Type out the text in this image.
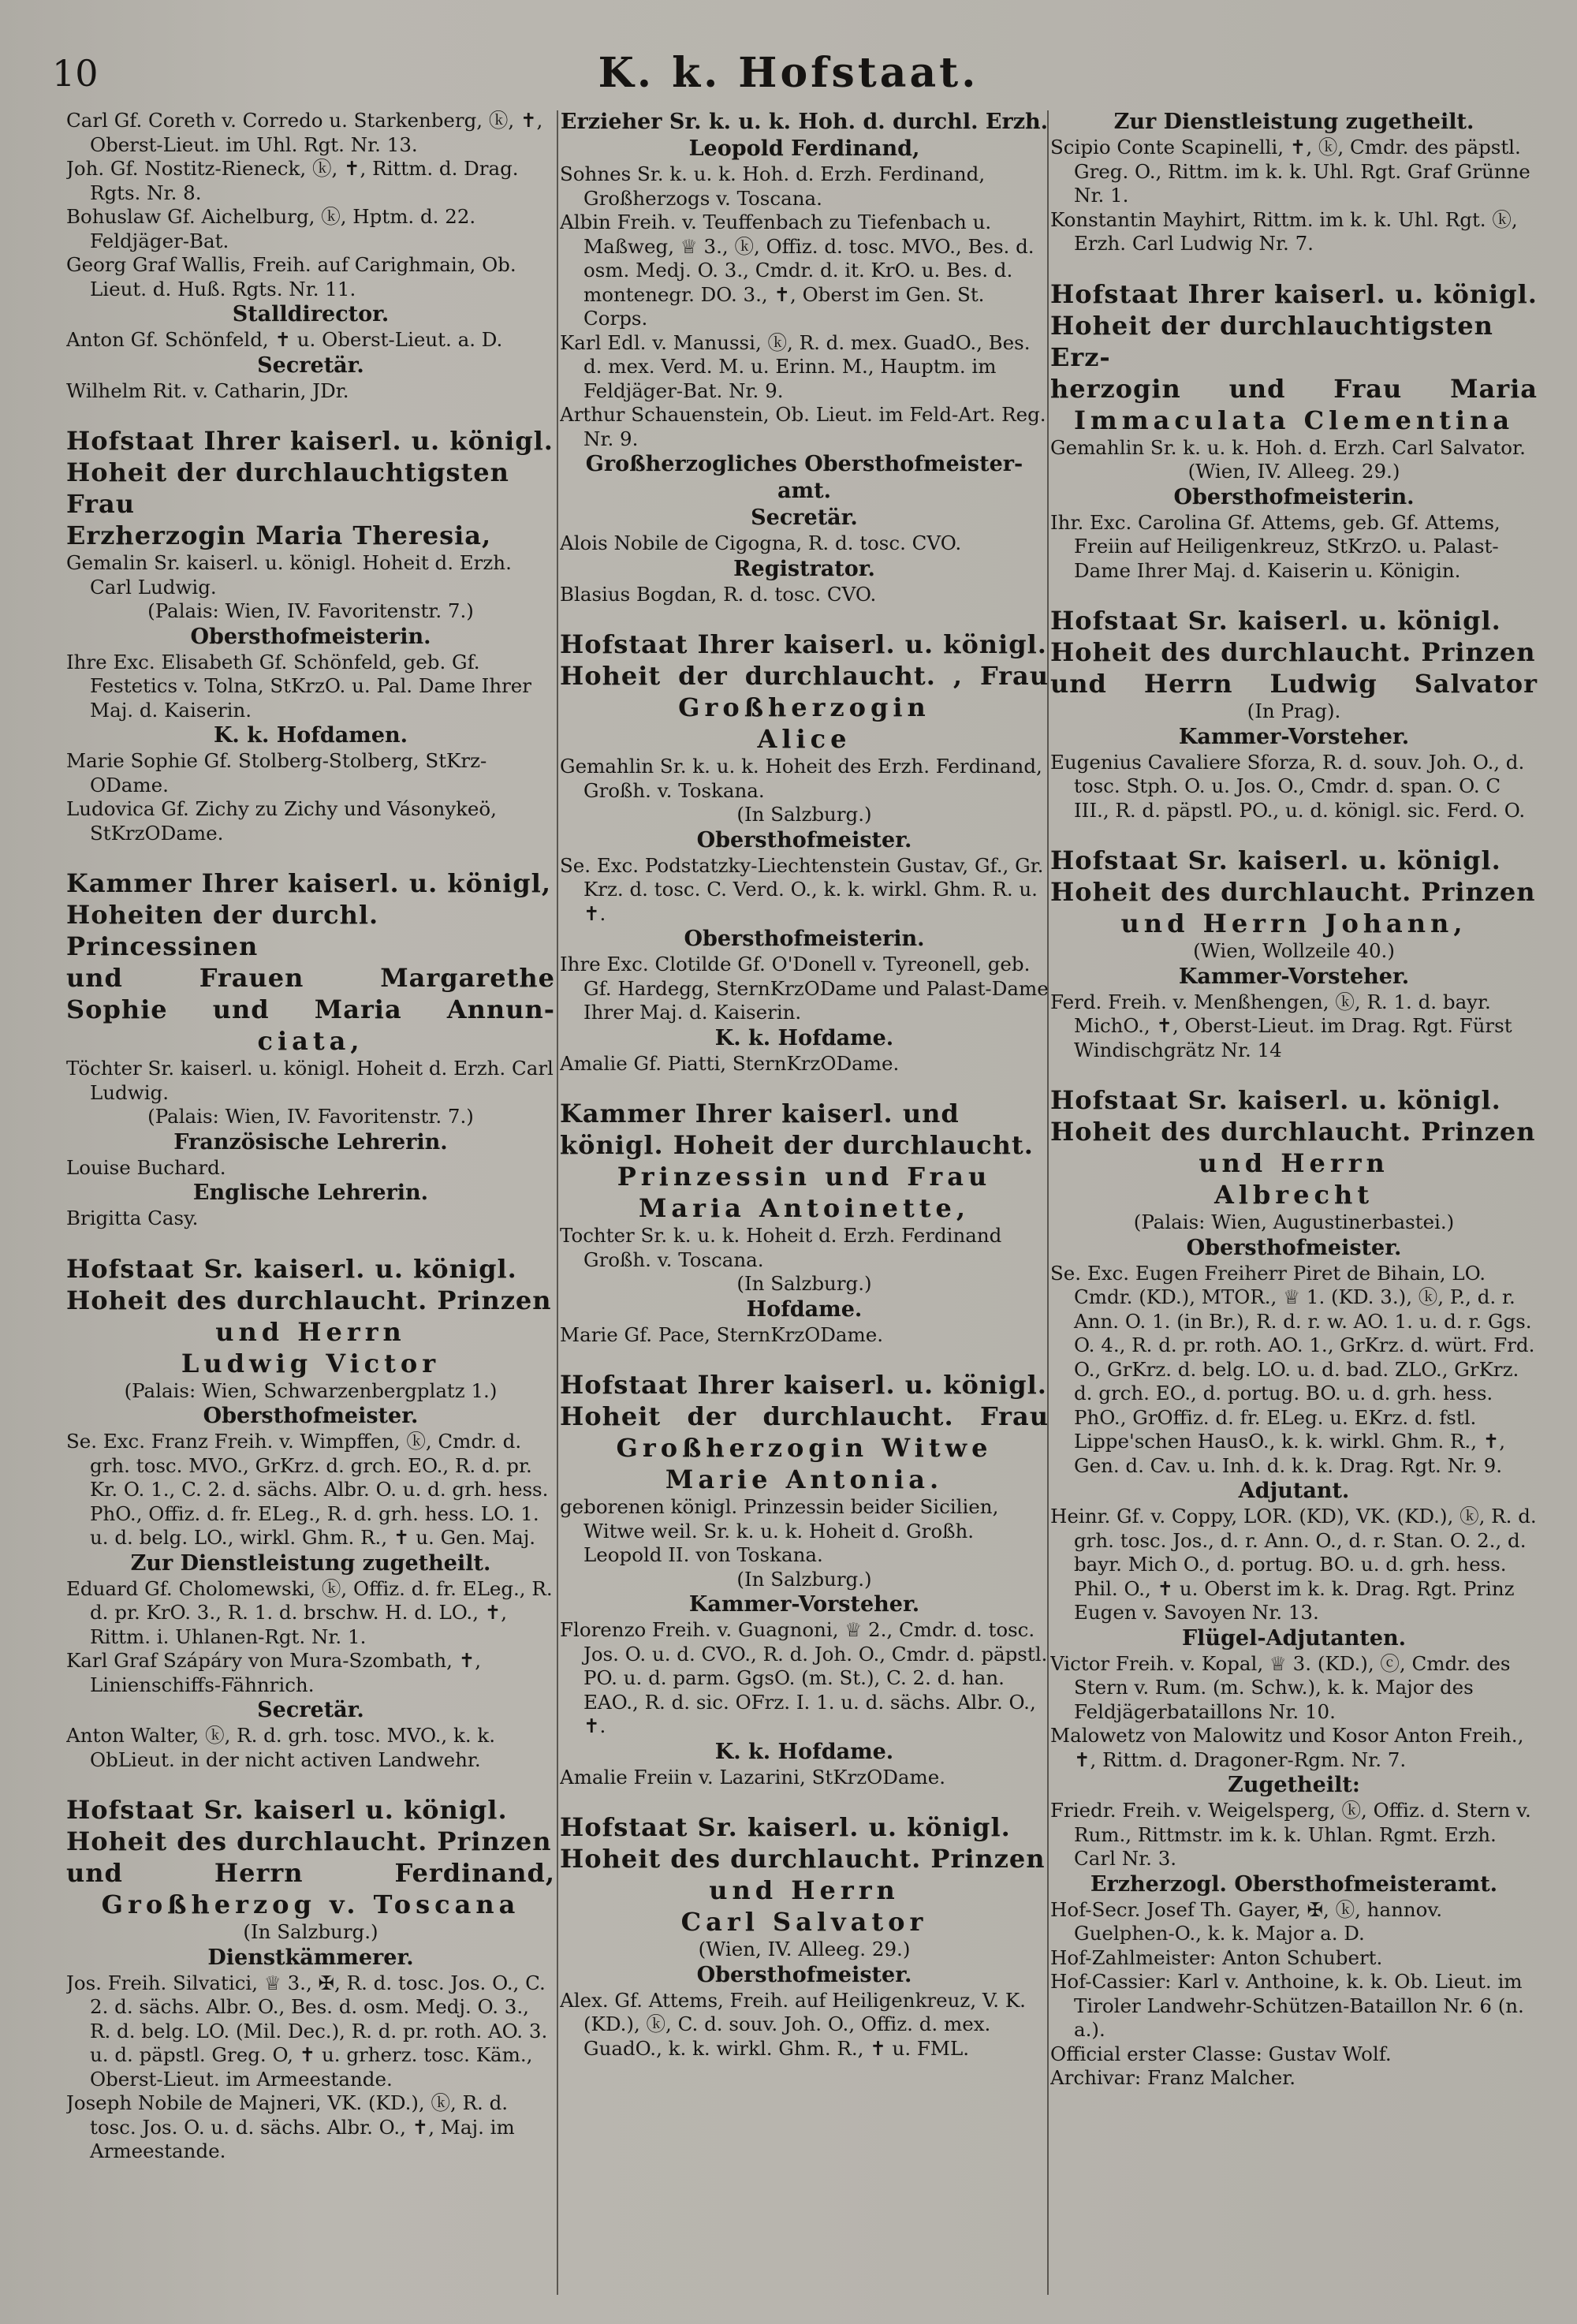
10	K. k. Hofstaat.
Carl Gf. Coreth v. Corredo u. Starkenberg, ⓚ, ✝, Oberst-Lieut. im Uhl. Rgt. Nr. 13.
Joh. Gf. Nostitz-Rieneck, ⓚ, ✝, Rittm. d. Drag. Rgts. Nr. 8.
Bohuslaw Gf. Aichelburg, ⓚ, Hptm. d. 22. Feldjäger-Bat.
Georg Graf Wallis, Freih. auf Carighmain, Ob. Lieut. d. Huß. Rgts. Nr. 11.
Stalldirector.
Anton Gf. Schönfeld, ✝ u. Oberst-Lieut. a. D.
Secretär.
Wilhelm Rit. v. Catharin, JDr.
Hofstaat Ihrer kaiserl. u. königl.
Hoheit der durchlauchtigsten Frau
Erzherzogin Maria Theresia,
Gemalin Sr. kaiserl. u. königl. Hoheit d. Erzh. Carl Ludwig.
(Palais: Wien, IV. Favoritenstr. 7.)
Obersthofmeisterin.
Ihre Exc. Elisabeth Gf. Schönfeld, geb. Gf. Festetics v. Tolna, StKrzO. u. Pal. Dame Ihrer Maj. d. Kaiserin.
K. k. Hofdamen.
Marie Sophie Gf. Stolberg-Stolberg, StKrz-ODame.
Ludovica Gf. Zichy zu Zichy und Vásonykeö, StKrzODame.
Kammer Ihrer kaiserl. u. königl,
Hoheiten der durchl. Princessinen
und Frauen Margarethe
Sophie und Maria Annun-
ciata,
Töchter Sr. kaiserl. u. königl. Hoheit d. Erzh. Carl Ludwig.
(Palais: Wien, IV. Favoritenstr. 7.)
Französische Lehrerin.
Louise Buchard.
Englische Lehrerin.
Brigitta Casy.
Hofstaat Sr. kaiserl. u. königl.
Hoheit des durchlaucht. Prinzen
und Herrn
Ludwig Victor
(Palais: Wien, Schwarzenbergplatz 1.)
Obersthofmeister.
Se. Exc. Franz Freih. v. Wimpffen, ⓚ, Cmdr. d. grh. tosc. MVO., GrKrz. d. grch. EO., R. d. pr. Kr. O. 1., C. 2. d. sächs. Albr. O. u. d. grh. hess. PhO., Offiz. d. fr. ELeg., R. d. grh. hess. LO. 1. u. d. belg. LO., wirkl. Ghm. R., ✝ u. Gen. Maj.
Zur Dienstleistung zugetheilt.
Eduard Gf. Cholomewski, ⓚ, Offiz. d. fr. ELeg., R. d. pr. KrO. 3., R. 1. d. brschw. H. d. LO., ✝, Rittm. i. Uhlanen-Rgt. Nr. 1.
Karl Graf Szápáry von Mura-Szombath, ✝, Linienschiffs-Fähnrich.
Secretär.
Anton Walter, ⓚ, R. d. grh. tosc. MVO., k. k. ObLieut. in der nicht activen Landwehr.
Hofstaat Sr. kaiserl u. königl.
Hoheit des durchlaucht. Prinzen
und Herrn Ferdinand,
Großherzog v. Toscana
(In Salzburg.)
Dienstkämmerer.
Jos. Freih. Silvatici, ♕ 3., ✠, R. d. tosc. Jos. O., C. 2. d. sächs. Albr. O., Bes. d. osm. Medj. O. 3., R. d. belg. LO. (Mil. Dec.), R. d. pr. roth. AO. 3. u. d. päpstl. Greg. O, ✝ u. grherz. tosc. Käm., Oberst-Lieut. im Armeestande.
Joseph Nobile de Majneri, VK. (KD.), ⓚ, R. d. tosc. Jos. O. u. d. sächs. Albr. O., ✝, Maj. im Armeestande.
Erzieher Sr. k. u. k. Hoh. d. durchl. Erzh. Leopold Ferdinand,
Sohnes Sr. k. u. k. Hoh. d. Erzh. Ferdinand, Großherzogs v. Toscana.
Albin Freih. v. Teuffenbach zu Tiefenbach u. Maßweg, ♕ 3., ⓚ, Offiz. d. tosc. MVO., Bes. d. osm. Medj. O. 3., Cmdr. d. it. KrO. u. Bes. d. montenegr. DO. 3., ✝, Oberst im Gen. St. Corps.
Karl Edl. v. Manussi, ⓚ, R. d. mex. GuadO., Bes. d. mex. Verd. M. u. Erinn. M., Hauptm. im Feldjäger-Bat. Nr. 9.
Arthur Schauenstein, Ob. Lieut. im Feld-Art. Reg. Nr. 9.
Großherzogliches Obersthofmeister-amt.
Secretär.
Alois Nobile de Cigogna, R. d. tosc. CVO.
Registrator.
Blasius Bogdan, R. d. tosc. CVO.
Hofstaat Ihrer kaiserl. u. königl.
Hoheit der durchlaucht. , Frau
Großherzogin
Alice
Gemahlin Sr. k. u. k. Hoheit des Erzh. Ferdinand, Großh. v. Toskana.
(In Salzburg.)
Obersthofmeister.
Se. Exc. Podstatzky-Liechtenstein Gustav, Gf., Gr. Krz. d. tosc. C. Verd. O., k. k. wirkl. Ghm. R. u. ✝.
Obersthofmeisterin.
Ihre Exc. Clotilde Gf. O'Donell v. Tyreonell, geb. Gf. Hardegg, SternKrzODame und Palast-Dame Ihrer Maj. d. Kaiserin.
K. k. Hofdame.
Amalie Gf. Piatti, SternKrzODame.
Kammer Ihrer kaiserl. und
königl. Hoheit der durchlaucht.
Prinzessin und Frau
Maria Antoinette,
Tochter Sr. k. u. k. Hoheit d. Erzh. Ferdinand Großh. v. Toscana.
(In Salzburg.)
Hofdame.
Marie Gf. Pace, SternKrzODame.
Hofstaat Ihrer kaiserl. u. königl.
Hoheit der durchlaucht. Frau
Großherzogin Witwe
Marie Antonia.
geborenen königl. Prinzessin beider Sicilien, Witwe weil. Sr. k. u. k. Hoheit d. Großh. Leopold II. von Toskana.
(In Salzburg.)
Kammer-Vorsteher.
Florenzo Freih. v. Guagnoni, ♕ 2., Cmdr. d. tosc. Jos. O. u. d. CVO., R. d. Joh. O., Cmdr. d. päpstl. PO. u. d. parm. GgsO. (m. St.), C. 2. d. han. EAO., R. d. sic. OFrz. I. 1. u. d. sächs. Albr. O., ✝.
K. k. Hofdame.
Amalie Freiin v. Lazarini, StKrzODame.
Hofstaat Sr. kaiserl. u. königl.
Hoheit des durchlaucht. Prinzen
und Herrn
Carl Salvator
(Wien, IV. Alleeg. 29.)
Obersthofmeister.
Alex. Gf. Attems, Freih. auf Heiligenkreuz, V. K. (KD.), ⓚ, C. d. souv. Joh. O., Offiz. d. mex. GuadO., k. k. wirkl. Ghm. R., ✝ u. FML.
Zur Dienstleistung zugetheilt.
Scipio Conte Scapinelli, ✝, ⓚ, Cmdr. des päpstl. Greg. O., Rittm. im k. k. Uhl. Rgt. Graf Grünne Nr. 1.
Konstantin Mayhirt, Rittm. im k. k. Uhl. Rgt. ⓚ, Erzh. Carl Ludwig Nr. 7.
Hofstaat Ihrer kaiserl. u. königl.
Hoheit der durchlauchtigsten Erz-
herzogin und Frau Maria
Immaculata Clementina
Gemahlin Sr. k. u. k. Hoh. d. Erzh. Carl Salvator.
(Wien, IV. Alleeg. 29.)
Obersthofmeisterin.
Ihr. Exc. Carolina Gf. Attems, geb. Gf. Attems, Freiin auf Heiligenkreuz, StKrzO. u. Palast-Dame Ihrer Maj. d. Kaiserin u. Königin.
Hofstaat Sr. kaiserl. u. königl.
Hoheit des durchlaucht. Prinzen
und Herrn Ludwig Salvator
(In Prag).
Kammer-Vorsteher.
Eugenius Cavaliere Sforza, R. d. souv. Joh. O., d. tosc. Stph. O. u. Jos. O., Cmdr. d. span. O. C III., R. d. päpstl. PO., u. d. königl. sic. Ferd. O.
Hofstaat Sr. kaiserl. u. königl.
Hoheit des durchlaucht. Prinzen
und Herrn Johann,
(Wien, Wollzeile 40.)
Kammer-Vorsteher.
Ferd. Freih. v. Menßhengen, ⓚ, R. 1. d. bayr. MichO., ✝, Oberst-Lieut. im Drag. Rgt. Fürst Windischgrätz Nr. 14
Hofstaat Sr. kaiserl. u. königl.
Hoheit des durchlaucht. Prinzen
und Herrn
Albrecht
(Palais: Wien, Augustinerbastei.)
Obersthofmeister.
Se. Exc. Eugen Freiherr Piret de Bihain, LO. Cmdr. (KD.), MTOR., ♕ 1. (KD. 3.), ⓚ, P., d. r. Ann. O. 1. (in Br.), R. d. r. w. AO. 1. u. d. r. Ggs. O. 4., R. d. pr. roth. AO. 1., GrKrz. d. würt. Frd. O., GrKrz. d. belg. LO. u. d. bad. ZLO., GrKrz. d. grch. EO., d. portug. BO. u. d. grh. hess. PhO., GrOffiz. d. fr. ELeg. u. EKrz. d. fstl. Lippe'schen HausO., k. k. wirkl. Ghm. R., ✝, Gen. d. Cav. u. Inh. d. k. k. Drag. Rgt. Nr. 9.
Adjutant.
Heinr. Gf. v. Coppy, LOR. (KD), VK. (KD.), ⓚ, R. d. grh. tosc. Jos., d. r. Ann. O., d. r. Stan. O. 2., d. bayr. Mich O., d. portug. BO. u. d. grh. hess. Phil. O., ✝ u. Oberst im k. k. Drag. Rgt. Prinz Eugen v. Savoyen Nr. 13.
Flügel-Adjutanten.
Victor Freih. v. Kopal, ♕ 3. (KD.), ⓒ, Cmdr. des Stern v. Rum. (m. Schw.), k. k. Major des Feldjägerbataillons Nr. 10.
Malowetz von Malowitz und Kosor Anton Freih., ✝, Rittm. d. Dragoner-Rgm. Nr. 7.
Zugetheilt:
Friedr. Freih. v. Weigelsperg, ⓚ, Offiz. d. Stern v. Rum., Rittmstr. im k. k. Uhlan. Rgmt. Erzh. Carl Nr. 3.
Erzherzogl. Obersthofmeisteramt.
Hof-Secr. Josef Th. Gayer, ✠, ⓚ, hannov. Guelphen-O., k. k. Major a. D.
Hof-Zahlmeister: Anton Schubert.
Hof-Cassier: Karl v. Anthoine, k. k. Ob. Lieut. im Tiroler Landwehr-Schützen-Bataillon Nr. 6 (n. a.).
Official erster Classe: Gustav Wolf.
Archivar: Franz Malcher.
